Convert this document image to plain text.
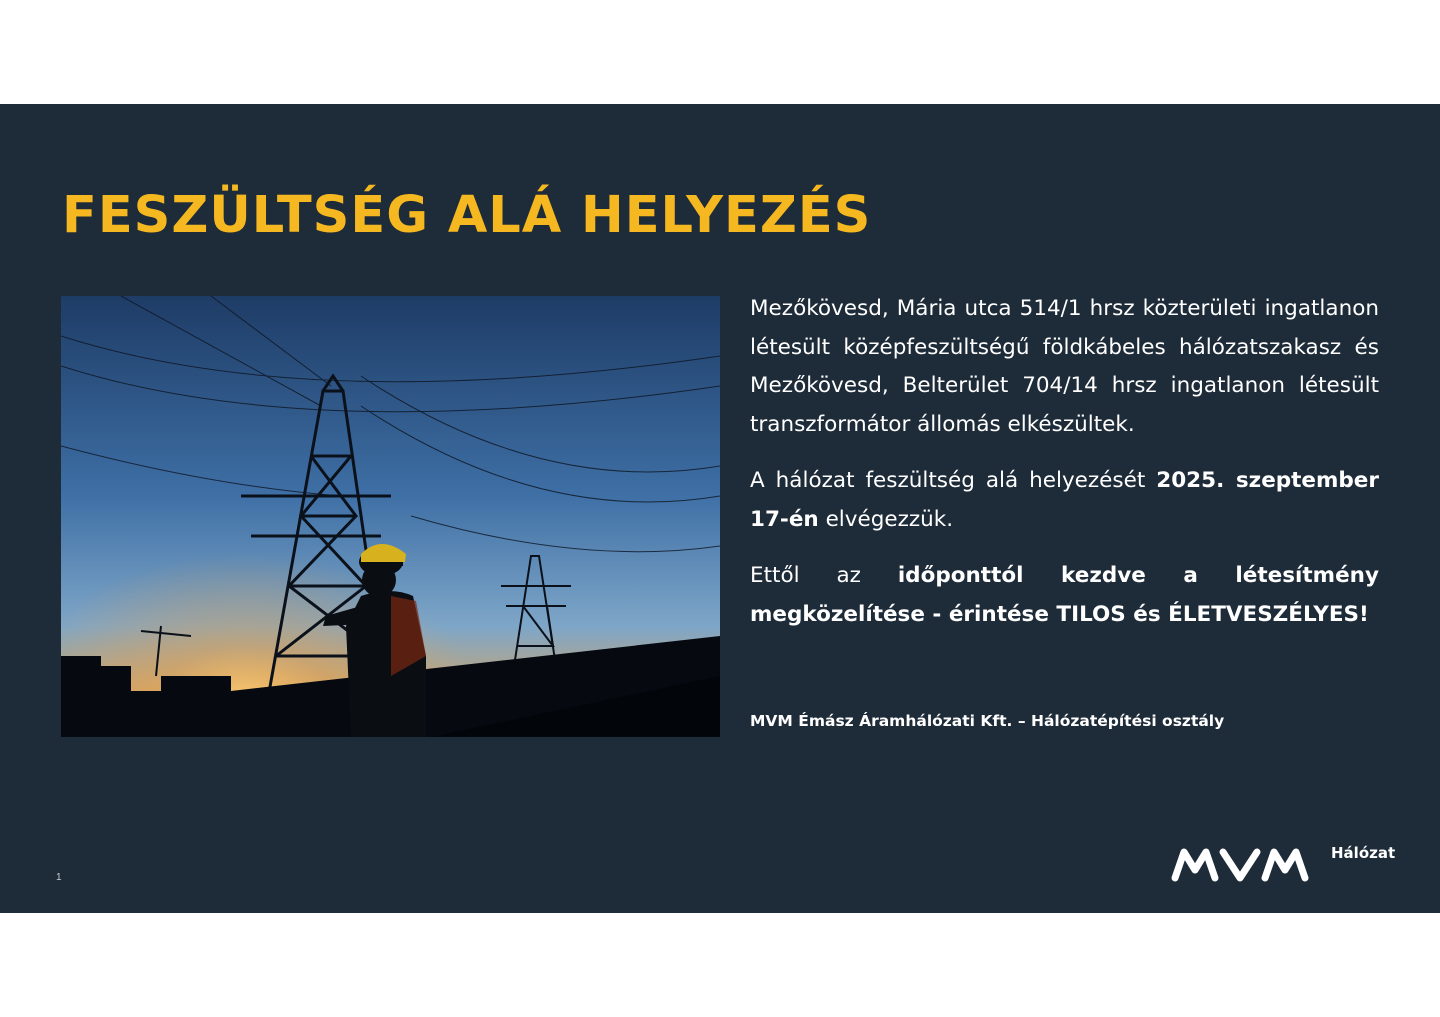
FESZÜLTSÉG ALÁ HELYEZÉS

Mezőkövesd, Mária utca 514/1 hrsz közterületi ingatlanon létesült középfeszültségű földkábeles hálózatszakasz és Mezőkövesd, Belterület 704/14 hrsz ingatlanon létesült transzformátor állomás elkészültek.

A hálózat feszültség alá helyezését 2025. szeptember 17-én elvégezzük.

Ettől az időponttól kezdve a létesítmény megközelítése - érintése TILOS és ÉLETVESZÉLYES!

MVM Émász Áramhálózati Kft. – Hálózatépítési osztály
1
Hálózat
